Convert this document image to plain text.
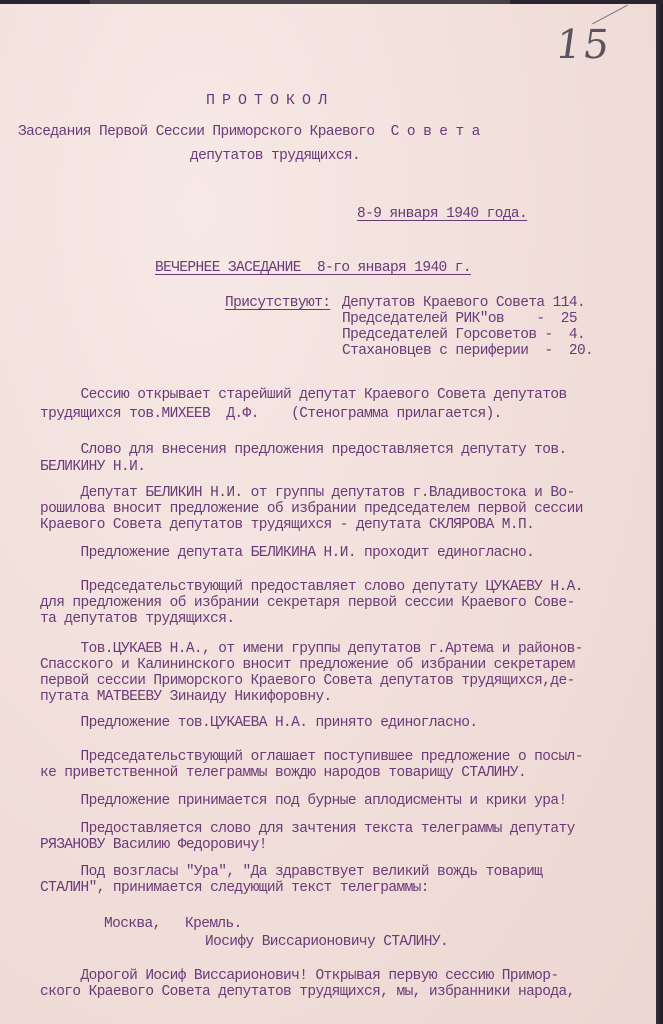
15
ПРОТОКОЛ
Заседания Первой Сессии Приморского Краевого  С о в е т а
депутатов трудящихся.
8-9 января 1940 года.
ВЕЧЕРНЕЕ ЗАСЕДАНИЕ  8-го января 1940 г.
Присутствуют: Депутатов Краевого Совета 114.
Председателей РИК"ов    - 25
Председателей Горсоветов - 4.
Стахановцев с периферии  - 20.
Сессию открывает старейший депутат Краевого Совета депутатов
трудящихся тов.МИХЕЕВ  Д.Ф.    (Стенограмма прилагается).
Слово для внесения предложения предоставляется депутату тов.
БЕЛИКИНУ Н.И.
Депутат БЕЛИКИН Н.И. от группы депутатов г.Владивостока и Во-
рошилова вносит предложение об избрании председателем первой сессии
Краевого Совета депутатов трудящихся - депутата СКЛЯРОВА М.П.
Предложение депутата БЕЛИКИНА Н.И. проходит единогласно.
Председательствующий предоставляет слово депутату ЦУКАЕВУ Н.А.
для предложения об избрании секретаря первой сессии Краевого Сове-
та депутатов трудящихся.
Тов.ЦУКАЕВ Н.А., от имени группы депутатов г.Артема и районов-
Спасского и Калининского вносит предложение об избрании секретарем
первой сессии Приморского Краевого Совета депутатов трудящихся,де-
путата МАТВЕЕВУ Зинаиду Никифоровну.
Предложение тов.ЦУКАЕВА Н.А. принято единогласно.
Председательствующий оглашает поступившее предложение о посыл-
ке приветственной телеграммы вождю народов товарищу СТАЛИНУ.
Предложение принимается под бурные аплодисменты и крики ура!
Предоставляется слово для зачтения текста телеграммы депутату
РЯЗАНОВУ Василию Федоровичу!
Под возгласы "Ура", "Да здравствует великий вождь товарищ
СТАЛИН", принимается следующий текст телеграммы:
Москва,   Кремль.
Иосифу Виссарионовичу СТАЛИНУ.
Дорогой Иосиф Виссарионович! Открывая первую сессию Примор-
ского Краевого Совета депутатов трудящихся, мы, избранники народа,
